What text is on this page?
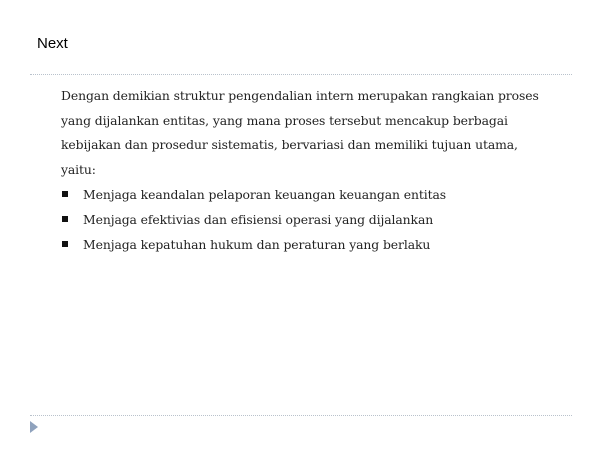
Next

Dengan demikian struktur pengendalian intern merupakan rangkaian proses yang dijalankan entitas, yang mana proses tersebut mencakup berbagai kebijakan dan prosedur sistematis, bervariasi dan memiliki tujuan utama, yaitu:

Menjaga keandalan pelaporan keuangan keuangan entitas
Menjaga efektivias dan efisiensi operasi yang dijalankan
Menjaga kepatuhan hukum dan peraturan yang berlaku
